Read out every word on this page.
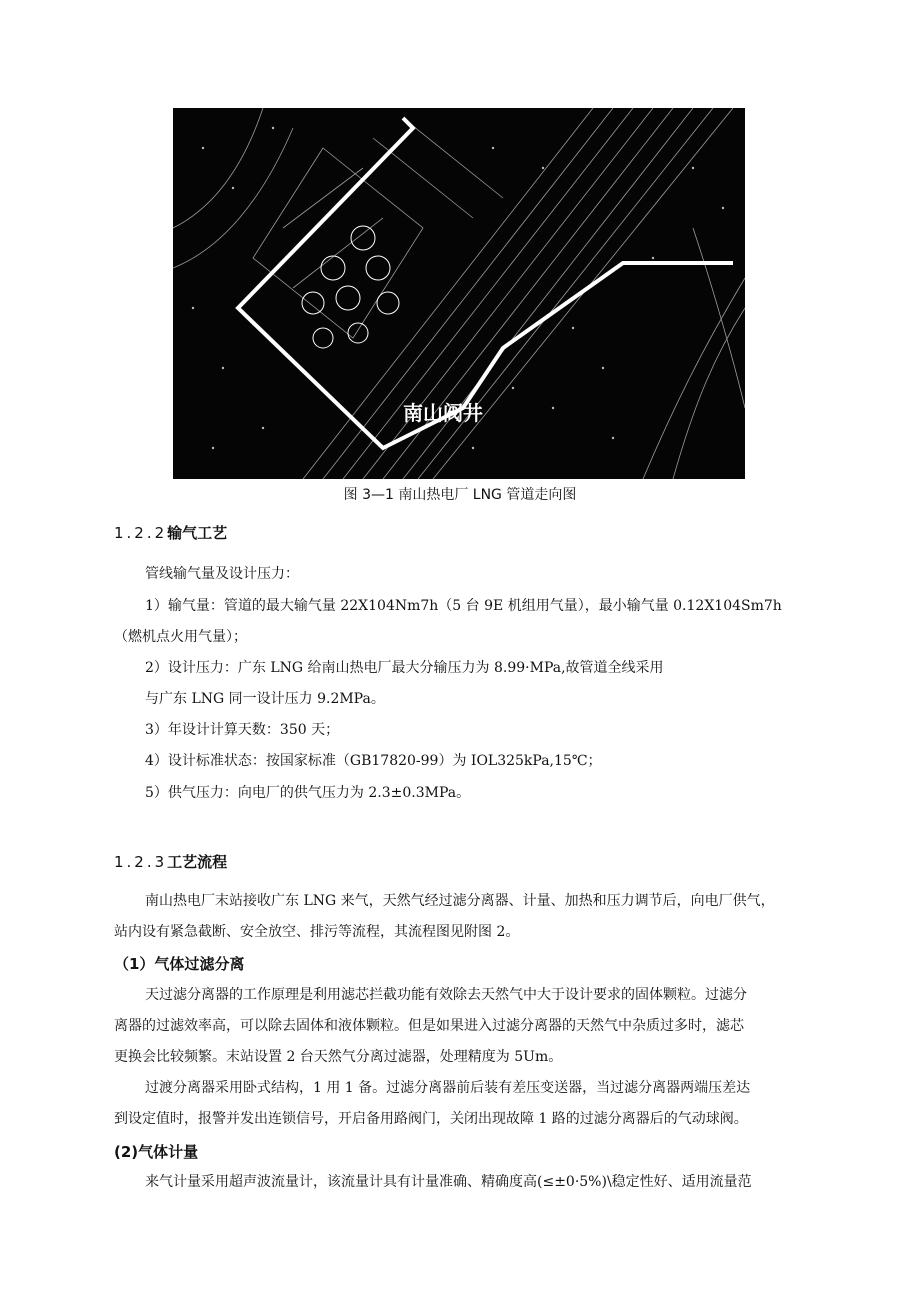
南山阀井
图 3—1 南山热电厂 LNG 管道走向图
1.2.2输气工艺
管线输气量及设计压力：
1）输气量：管道的最大输气量 22X104Nm7h（5 台 9E 机组用气量），最小输气量 0.12X104Sm7h
（燃机点火用气量）；
2）设计压力：广东 LNG 给南山热电厂最大分输压力为 8.99·MPa,故管道全线采用
与广东 LNG 同一设计压力 9.2MPa。
3）年设计计算天数：350 天；
4）设计标准状态：按国家标准（GB17820-99）为 IOL325kPa,15℃；
5）供气压力：向电厂的供气压力为 2.3±0.3MPa。
1.2.3工艺流程
南山热电厂末站接收广东 LNG 来气，天然气经过滤分离器、计量、加热和压力调节后，向电厂供气，
站内设有紧急截断、安全放空、排污等流程，其流程图见附图 2。
（1）气体过滤分离
天过滤分离器的工作原理是利用滤芯拦截功能有效除去天然气中大于设计要求的固体颗粒。过滤分
离器的过滤效率高，可以除去固体和液体颗粒。但是如果进入过滤分离器的天然气中杂质过多时，滤芯
更换会比较频繁。末站设置 2 台天然气分离过滤器，处理精度为 5Um。
过渡分离器采用卧式结构，1 用 1 备。过滤分离器前后装有差压变送器，当过滤分离器两端压差达
到设定值时，报警并发出连锁信号，开启备用路阀门，关闭出现故障 1 路的过滤分离器后的气动球阀。
(2)气体计量
来气计量采用超声波流量计，该流量计具有计量准确、精确度高(≤±0·5%)\稳定性好、适用流量范
